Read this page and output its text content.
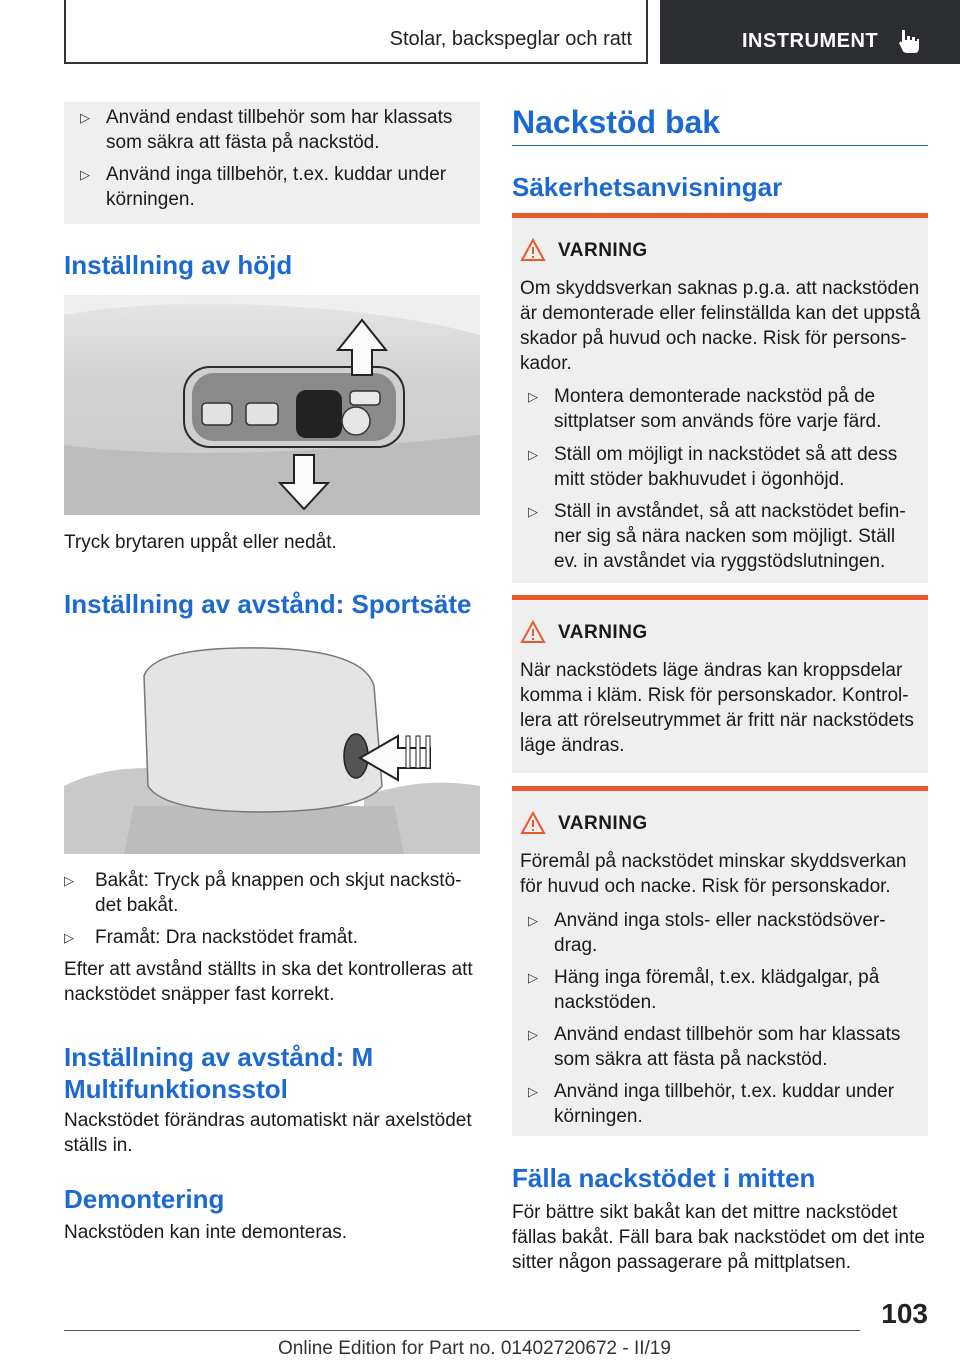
Stolar, backspeglar och ratt	INSTRUMENT
▷ Använd endast tillbehör som har klassats som säkra att fästa på nackstöd.
▷ Använd inga tillbehör, t.ex. kuddar under körningen.
Inställning av höjd

Tryck brytaren uppåt eller nedåt.

Inställning av avstånd: Sportsäte
▷	Bakåt: Tryck på knappen och skjut nackstö-det bakåt.
▷	Framåt: Dra nackstödet framåt.

Efter att avstånd ställts in ska det kontrolleras att nackstödet snäpper fast korrekt.

Inställning av avstånd: M Multifunktionsstol

Nackstödet förändras automatiskt när axelstödet ställs in.

Demontering

Nackstöden kan inte demonteras.

Nackstöd bak
Säkerhetsanvisningar
VARNING

Om skyddsverkan saknas p.g.a. att nackstöden är demonterade eller felinställda kan det uppstå skador på huvud och nacke. Risk för persons-kador.

▷ Montera demonterade nackstöd på de sittplatser som används före varje färd.
▷ Ställ om möjligt in nackstödet så att dess mitt stöder bakhuvudet i ögonhöjd.
▷ Ställ in avståndet, så att nackstödet befin-ner sig så nära nacken som möjligt. Ställ ev. in avståndet via ryggstödslutningen.
VARNING

När nackstödets läge ändras kan kroppsdelar komma i kläm. Risk för personskador. Kontrol-lera att rörelseutrymmet är fritt när nackstödets läge ändras.

VARNING

Föremål på nackstödet minskar skyddsverkan för huvud och nacke. Risk för personskador.

▷ Använd inga stols- eller nackstödsöver-drag.
▷ Häng inga föremål, t.ex. klädgalgar, på nackstöden.
▷ Använd endast tillbehör som har klassats som säkra att fästa på nackstöd.
▷ Använd inga tillbehör, t.ex. kuddar under körningen.
Fälla nackstödet i mitten

För bättre sikt bakåt kan det mittre nackstödet fällas bakåt. Fäll bara bak nackstödet om det inte sitter någon passagerare på mittplatsen.

103
Online Edition for Part no. 01402720672 - II/19
